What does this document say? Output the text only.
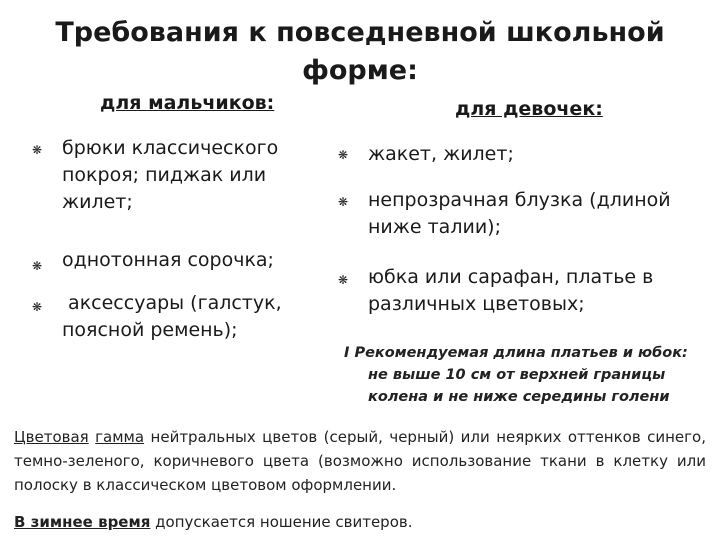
Требования к повседневной школьной форме:
для мальчиков:	для девочек:
❋ брюки классического покроя; пиджак или жилет;
❋ однотонная сорочка;
❋ аксессуары (галстук, поясной ремень);
❋ жакет, жилет;
❋ непрозрачная блузка (длиной ниже талии);
❋ юбка или сарафан, платье в различных цветовых;
I Рекомендуемая длина платьев и юбок:
не выше 10 см от верхней границы колена и не ниже середины голени
Цветовая гамма нейтральных цветов (серый, черный) или неярких оттенков синего, темно-зеленого, коричневого цвета (возможно использование ткани в клетку или полоску в классическом цветовом оформлении.
В зимнее время допускается ношение свитеров.
